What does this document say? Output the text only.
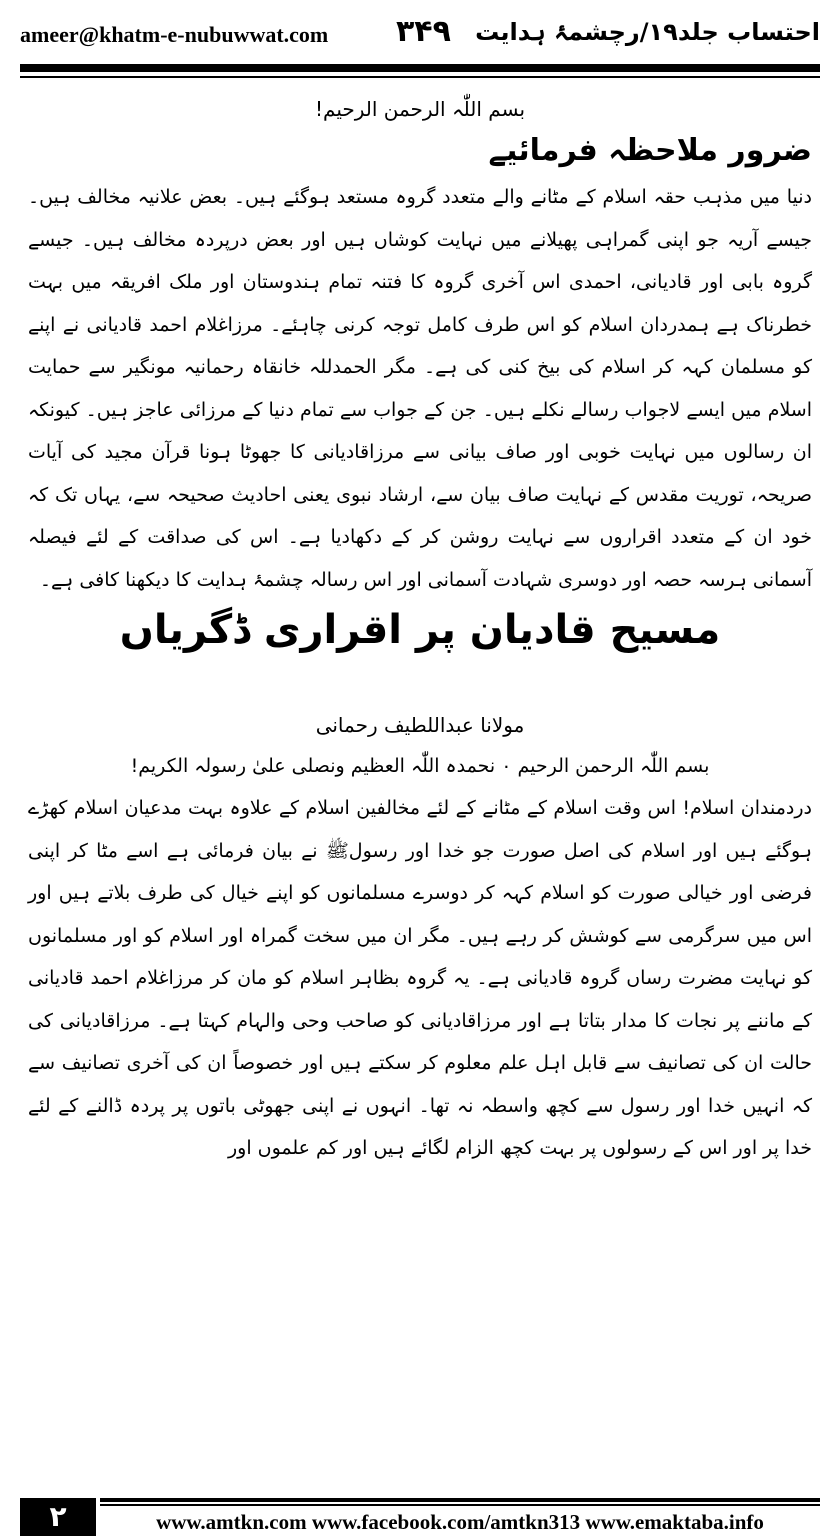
ameer@khatm-e-nubuwwat.com ۳۴۹ احتساب جلد۱۹/رچشمۂ ہدایت
بسم اللّٰہ الرحمن الرحیم!
ضرور ملاحظہ فرمائیے

دنیا میں مذہب حقہ اسلام کے مٹانے والے متعدد گروہ مستعد ہوگئے ہیں۔ بعض علانیہ مخالف ہیں۔ جیسے آریہ جو اپنی گمراہی پھیلانے میں نہایت کوشاں ہیں اور بعض درپردہ مخالف ہیں۔ جیسے گروہ بابی اور قادیانی، احمدی اس آخری گروہ کا فتنہ تمام ہندوستان اور ملک افریقہ میں بہت خطرناک ہے ہمدردان اسلام کو اس طرف کامل توجہ کرنی چاہئے۔ مرزاغلام احمد قادیانی نے اپنے کو مسلمان کہہ کر اسلام کی بیخ کنی کی ہے۔ مگر الحمدللہ خانقاہ رحمانیہ مونگیر سے حمایت اسلام میں ایسے لاجواب رسالے نکلے ہیں۔ جن کے جواب سے تمام دنیا کے مرزائی عاجز ہیں۔ کیونکہ ان رسالوں میں نہایت خوبی اور صاف بیانی سے مرزاقادیانی کا جھوٹا ہونا قرآن مجید کی آیات صریحہ، توریت مقدس کے نہایت صاف بیان سے، ارشاد نبوی یعنی احادیث صحیحہ سے، یہاں تک کہ خود ان کے متعدد اقراروں سے نہایت روشن کر کے دکھادیا ہے۔ اس کی صداقت کے لئے فیصلہ آسمانی ہرسہ حصہ اور دوسری شہادت آسمانی اور اس رسالہ چشمۂ ہدایت کا دیکھنا کافی ہے۔

مسیح قادیان پر اقراری ڈگریاں
مولانا عبداللطیف رحمانی
بسم اللّٰہ الرحمن الرحیم ۰ نحمدہ اللّٰہ العظیم ونصلی علیٰ رسولہ الکریم!

دردمندان اسلام! اس وقت اسلام کے مٹانے کے لئے مخالفین اسلام کے علاوہ بہت مدعیان اسلام کھڑے ہوگئے ہیں اور اسلام کی اصل صورت جو خدا اور رسولﷺ نے بیان فرمائی ہے اسے مٹا کر اپنی فرضی اور خیالی صورت کو اسلام کہہ کر دوسرے مسلمانوں کو اپنے خیال کی طرف بلاتے ہیں اور اس میں سرگرمی سے کوشش کر رہے ہیں۔ مگر ان میں سخت گمراہ اور اسلام کو اور مسلمانوں کو نہایت مضرت رساں گروہ قادیانی ہے۔ یہ گروہ بظاہر اسلام کو مان کر مرزاغلام احمد قادیانی کے ماننے پر نجات کا مدار بتاتا ہے اور مرزاقادیانی کو صاحب وحی والہام کہتا ہے۔ مرزاقادیانی کی حالت ان کی تصانیف سے قابل اہل علم معلوم کر سکتے ہیں اور خصوصاً ان کی آخری تصانیف سے کہ انہیں خدا اور رسول سے کچھ واسطہ نہ تھا۔ انہوں نے اپنی جھوٹی باتوں پر پردہ ڈالنے کے لئے خدا پر اور اس کے رسولوں پر بہت کچھ الزام لگائے ہیں اور کم علموں اور

۲	www.amtkn.com www.facebook.com/amtkn313 www.emaktaba.info
